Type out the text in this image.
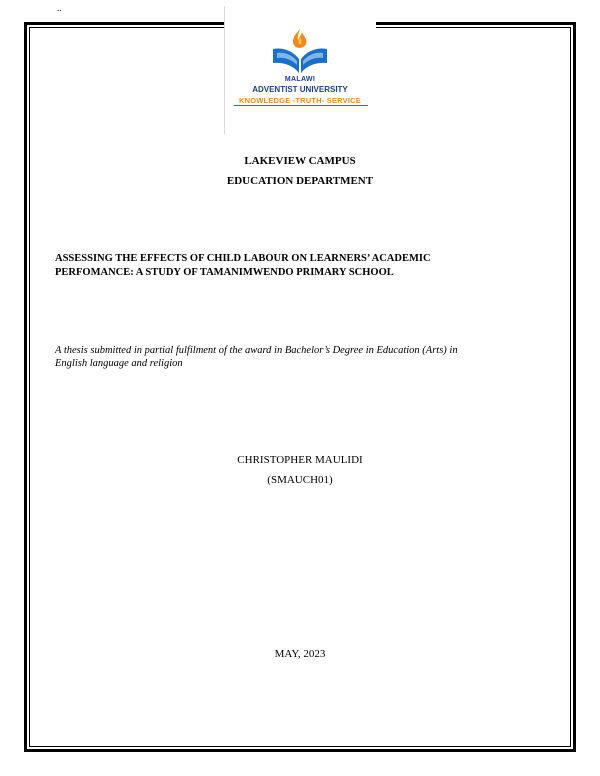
..
MALAWI
ADVENTIST UNIVERSITY
KNOWLEDGE -TRUTH- SERVICE
LAKEVIEW CAMPUS
EDUCATION DEPARTMENT
ASSESSING THE EFFECTS OF CHILD LABOUR ON LEARNERS’ ACADEMIC
PERFOMANCE: A STUDY OF TAMANIMWENDO PRIMARY SCHOOL
A thesis submitted in partial fulfilment of the award in Bachelor’s Degree in Education (Arts) in
English language and religion
CHRISTOPHER MAULIDI
(SMAUCH01)
MAY, 2023
